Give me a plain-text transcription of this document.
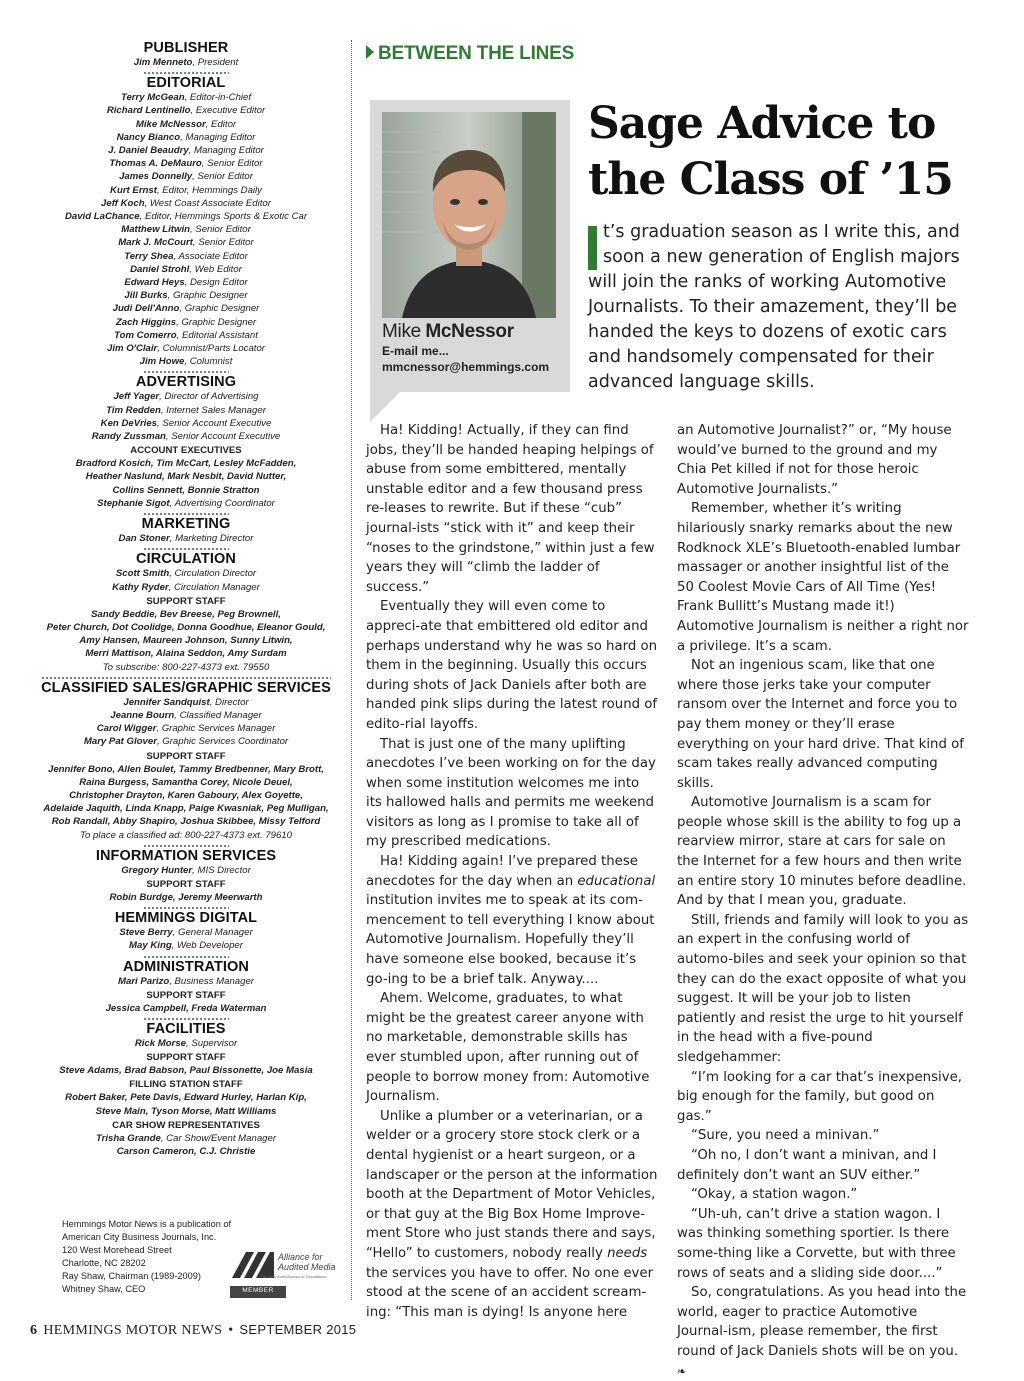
PUBLISHER
Jim Menneto, President
EDITORIAL
Terry McGean, Editor-in-Chief
Richard Lentinello, Executive Editor
Mike McNessor, Editor
Nancy Bianco, Managing Editor
J. Daniel Beaudry, Managing Editor
Thomas A. DeMauro, Senior Editor
James Donnelly, Senior Editor
Kurt Ernst, Editor, Hemmings Daily
Jeff Koch, West Coast Associate Editor
David LaChance, Editor, Hemmings Sports & Exotic Car
Matthew Litwin, Senior Editor
Mark J. McCourt, Senior Editor
Terry Shea, Associate Editor
Daniel Strohl, Web Editor
Edward Heys, Design Editor
Jill Burks, Graphic Designer
Judi Dell'Anno, Graphic Designer
Zach Higgins, Graphic Designer
Tom Comerro, Editorial Assistant
Jim O'Clair, Columnist/Parts Locator
Jim Howe, Columnist
ADVERTISING
Jeff Yager, Director of Advertising
Tim Redden, Internet Sales Manager
Ken DeVries, Senior Account Executive
Randy Zussman, Senior Account Executive
ACCOUNT EXECUTIVES
Bradford Kosich, Tim McCart, Lesley McFadden,
Heather Naslund, Mark Nesbit, David Nutter,
Collins Sennett, Bonnie Stratton
Stephanie Sigot, Advertising Coordinator
MARKETING
Dan Stoner, Marketing Director
CIRCULATION
Scott Smith, Circulation Director
Kathy Ryder, Circulation Manager
SUPPORT STAFF
Sandy Beddie, Bev Breese, Peg Brownell,
Peter Church, Dot Coolidge, Donna Goodhue, Eleanor Gould,
Amy Hansen, Maureen Johnson, Sunny Litwin,
Merri Mattison, Alaina Seddon, Amy Surdam
To subscribe: 800-227-4373 ext. 79550
CLASSIFIED SALES/GRAPHIC SERVICES
Jennifer Sandquist, Director
Jeanne Bourn, Classified Manager
Carol Wigger, Graphic Services Manager
Mary Pat Glover, Graphic Services Coordinator
SUPPORT STAFF
Jennifer Bono, Allen Boulet, Tammy Bredbenner, Mary Brott,
Raina Burgess, Samantha Corey, Nicole Deuel,
Christopher Drayton, Karen Gaboury, Alex Goyette,
Adelaide Jaquith, Linda Knapp, Paige Kwasniak, Peg Mulligan,
Rob Randall, Abby Shapiro, Joshua Skibbee, Missy Telford
To place a classified ad: 800-227-4373 ext. 79610
INFORMATION SERVICES
Gregory Hunter, MIS Director
SUPPORT STAFF
Robin Burdge, Jeremy Meerwarth
HEMMINGS DIGITAL
Steve Berry, General Manager
May King, Web Developer
ADMINISTRATION
Mari Parizo, Business Manager
SUPPORT STAFF
Jessica Campbell, Freda Waterman
FACILITIES
Rick Morse, Supervisor
SUPPORT STAFF
Steve Adams, Brad Babson, Paul Bissonette, Joe Masia
FILLING STATION STAFF
Robert Baker, Pete Davis, Edward Hurley, Harlan Kip,
Steve Main, Tyson Morse, Matt Williams
CAR SHOW REPRESENTATIVES
Trisha Grande, Car Show/Event Manager
Carson Cameron, C.J. Christie
Hemmings Motor News is a publication of
American City Business Journals, Inc.
120 West Morehead Street
Charlotte, NC 28202
Ray Shaw, Chairman (1989-2009)
Whitney Shaw, CEO
Alliance for
Audited Media
The New Audit Bureau of Circulations
MEMBER
BETWEEN THE LINES
Mike McNessor
E-mail me...
mmcnessor@hemmings.com
Sage Advice to
the Class of ’15
t’s graduation season as I write this, and soon a new generation of English majors will join the ranks of working Automotive Journalists. To their amazement, they’ll be handed the keys to dozens of exotic cars and handsomely compensated for their advanced language skills.

Ha! Kidding! Actually, if they can find jobs, they’ll be handed heaping helpings of abuse from some embittered, mentally unstable editor and a few thousand press re-leases to rewrite. But if these “cub” journal-ists “stick with it” and keep their “noses to the grindstone,” within just a few years they will “climb the ladder of success.”

Eventually they will even come to appreci-ate that embittered old editor and perhaps understand why he was so hard on them in the beginning. Usually this occurs during shots of Jack Daniels after both are handed pink slips during the latest round of edito-rial layoffs.

That is just one of the many uplifting anecdotes I’ve been working on for the day when some institution welcomes me into its hallowed halls and permits me weekend visitors as long as I promise to take all of my prescribed medications.

Ha! Kidding again! I’ve prepared these anecdotes for the day when an educational institution invites me to speak at its com-mencement to tell everything I know about Automotive Journalism. Hopefully they’ll have someone else booked, because it’s go-ing to be a brief talk. Anyway....

Ahem. Welcome, graduates, to what might be the greatest career anyone with no marketable, demonstrable skills has ever stumbled upon, after running out of people to borrow money from: Automotive Journalism.

Unlike a plumber or a veterinarian, or a welder or a grocery store stock clerk or a dental hygienist or a heart surgeon, or a landscaper or the person at the information booth at the Department of Motor Vehicles, or that guy at the Big Box Home Improve-ment Store who just stands there and says, “Hello” to customers, nobody really needs the services you have to offer. No one ever stood at the scene of an accident scream-ing: “This man is dying! Is anyone here

an Automotive Journalist?” or, “My house would’ve burned to the ground and my Chia Pet killed if not for those heroic Automotive Journalists.”

Remember, whether it’s writing hilariously snarky remarks about the new Rodknock XLE’s Bluetooth-enabled lumbar massager or another insightful list of the 50 Coolest Movie Cars of All Time (Yes! Frank Bullitt’s Mustang made it!) Automotive Journalism is neither a right nor a privilege. It’s a scam.

Not an ingenious scam, like that one where those jerks take your computer ransom over the Internet and force you to pay them money or they’ll erase everything on your hard drive. That kind of scam takes really advanced computing skills.

Automotive Journalism is a scam for people whose skill is the ability to fog up a rearview mirror, stare at cars for sale on the Internet for a few hours and then write an entire story 10 minutes before deadline. And by that I mean you, graduate.

Still, friends and family will look to you as an expert in the confusing world of automo-biles and seek your opinion so that they can do the exact opposite of what you suggest. It will be your job to listen patiently and resist the urge to hit yourself in the head with a five-pound sledgehammer:

“I’m looking for a car that’s inexpensive, big enough for the family, but good on gas.”

“Sure, you need a minivan.”

“Oh no, I don’t want a minivan, and I definitely don’t want an SUV either.”

“Okay, a station wagon.”

“Uh-uh, can’t drive a station wagon. I was thinking something sportier. Is there some-thing like a Corvette, but with three rows of seats and a sliding side door....”

So, congratulations. As you head into the world, eager to practice Automotive Journal-ism, please remember, the first round of Jack Daniels shots will be on you. ❧

6 HEMMINGS MOTOR NEWS • SEPTEMBER 2015
